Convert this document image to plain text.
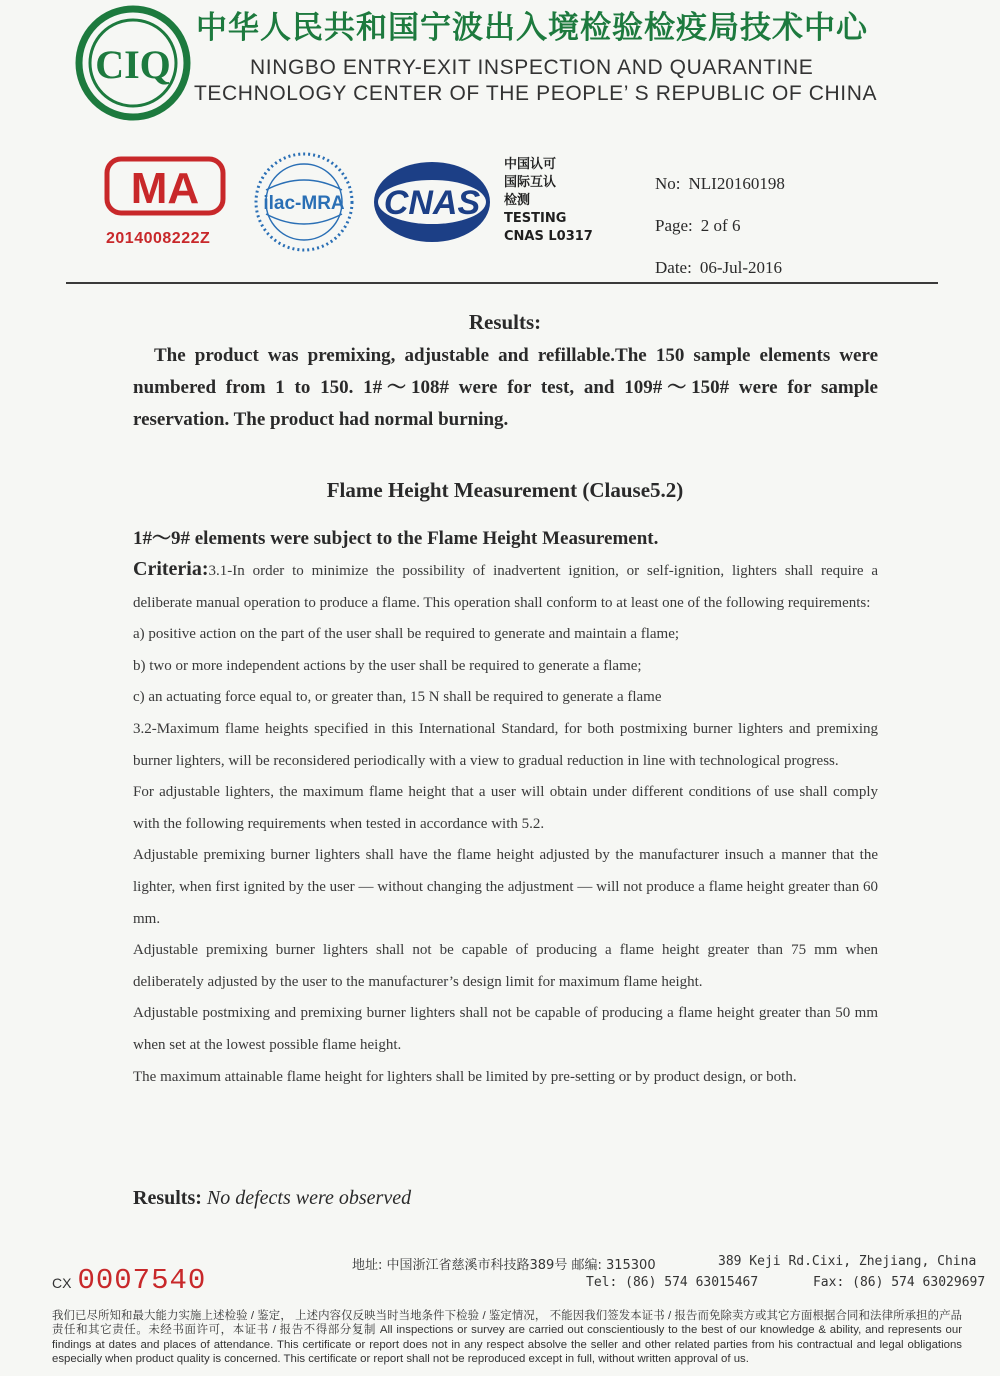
CIQ
中华人民共和国宁波出入境检验检疫局技术中心
NINGBO ENTRY-EXIT INSPECTION AND QUARANTINE
TECHNOLOGY CENTER OF THE PEOPLE’ S REPUBLIC OF CHINA
MA
2014008222Z
ilac-MRA CNAS
中国认可
国际互认
检测
TESTING
CNAS L0317
No: NLI20160198
Page: 2 of 6
Date: 06-Jul-2016
Results:
The product was premixing, adjustable and refillable.The 150 sample elements were numbered from 1 to 150. 1#～108# were for test, and 109#～150# were for sample reservation. The product had normal burning.
Flame Height Measurement (Clause5.2)
1#～9# elements were subject to the Flame Height Measurement.

Criteria:3.1-In order to minimize the possibility of inadvertent ignition, or self-ignition, lighters shall require a deliberate manual operation to produce a flame. This operation shall conform to at least one of the following requirements:

a) positive action on the part of the user shall be required to generate and maintain a flame;

b) two or more independent actions by the user shall be required to generate a flame;

c) an actuating force equal to, or greater than, 15 N shall be required to generate a flame

3.2-Maximum flame heights specified in this International Standard, for both postmixing burner lighters and premixing burner lighters, will be reconsidered periodically with a view to gradual reduction in line with technological progress.

For adjustable lighters, the maximum flame height that a user will obtain under different conditions of use shall comply with the following requirements when tested in accordance with 5.2.

Adjustable premixing burner lighters shall have the flame height adjusted by the manufacturer insuch a manner that the lighter, when first ignited by the user — without changing the adjustment — will not produce a flame height greater than 60 mm.

Adjustable premixing burner lighters shall not be capable of producing a flame height greater than 75 mm when deliberately adjusted by the user to the manufacturer’s design limit for maximum flame height.

Adjustable postmixing and premixing burner lighters shall not be capable of producing a flame height greater than 50 mm when set at the lowest possible flame height.

The maximum attainable flame height for lighters shall be limited by pre-setting or by product design, or both.

Results: No defects were observed
CX 0007540	地址: 中国浙江省慈溪市科技路389号 邮编: 315300	389 Keji Rd.Cixi, Zhejiang, China
Tel: (86) 574 63015467	Fax: (86) 574 63029697
我们已尽所知和最大能力实施上述检验 / 鉴定， 上述内容仅反映当时当地条件下检验 / 鉴定情况， 不能因我们签发本证书 / 报告而免除卖方或其它方面根据合同和法律所承担的产品责任和其它责任。未经书面许可，本证书 / 报告不得部分复制 All inspections or survey are carried out conscientiously to the best of our knowledge & ability, and represents our findings at dates and places of attendance. This certificate or report does not in any respect absolve the seller and other related parties from his contractual and legal obligations especially when product quality is concerned. This certificate or report shall not be reproduced except in full, without written approval of us.
